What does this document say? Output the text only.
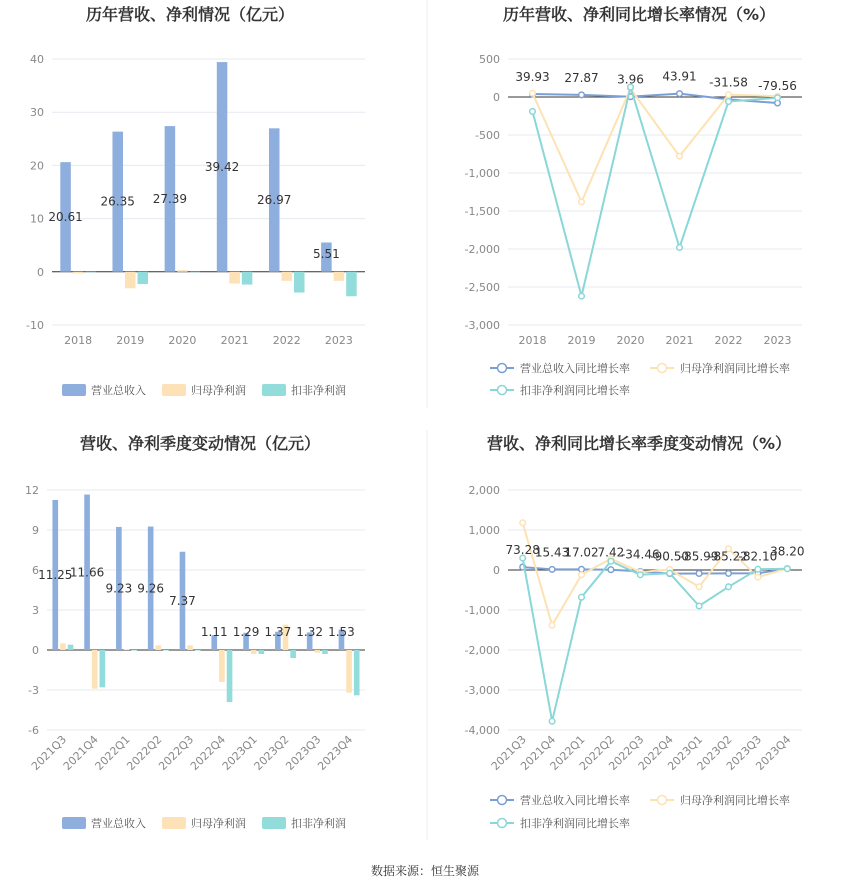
历年营收、净利情况（亿元）
-10
0
10
20
30
40
2018 2019 2020 2021 2022 2023
20.61
26.35 27.39
39.42
26.97
5.51
营业总收入	归母净利润	扣非净利润
历年营收、净利同比增长率情况（%）
500
0
-500
-1,000
-1,500
-2,000
-2,500
-3,000
2018 2019 2020 2021 2022 2023
39.93 27.87 3.96 43.91 -31.58 -79.56
营业总收入同比增长率	归母净利润同比增长率
扣非净利润同比增长率
营收、净利季度变动情况（亿元）
-6
-3
0
3
6
9
12
2021Q3
2021Q4
2022Q1
2022Q2
2022Q3
2022Q4
2023Q1
2023Q2
2023Q3
2023Q4
11.25
11.66
9.23 9.26
7.37
1.11 1.29 1.37 1.32 1.53
营业总收入	归母净利润	扣非净利润
营收、净利同比增长率季度变动情况（%）
2,000
1,000
0
-1,000
-2,000
-3,000
-4,000
2021Q3
2021Q4
2022Q1
2022Q2
2022Q3
2022Q4
2023Q1
2023Q2
2023Q3
2023Q4
73.28
15.43
17.02
7.42
-34.46
-90.50
-85.99
-85.22
-82.10
38.20
营业总收入同比增长率	归母净利润同比增长率
扣非净利润同比增长率
数据来源：恒生聚源
